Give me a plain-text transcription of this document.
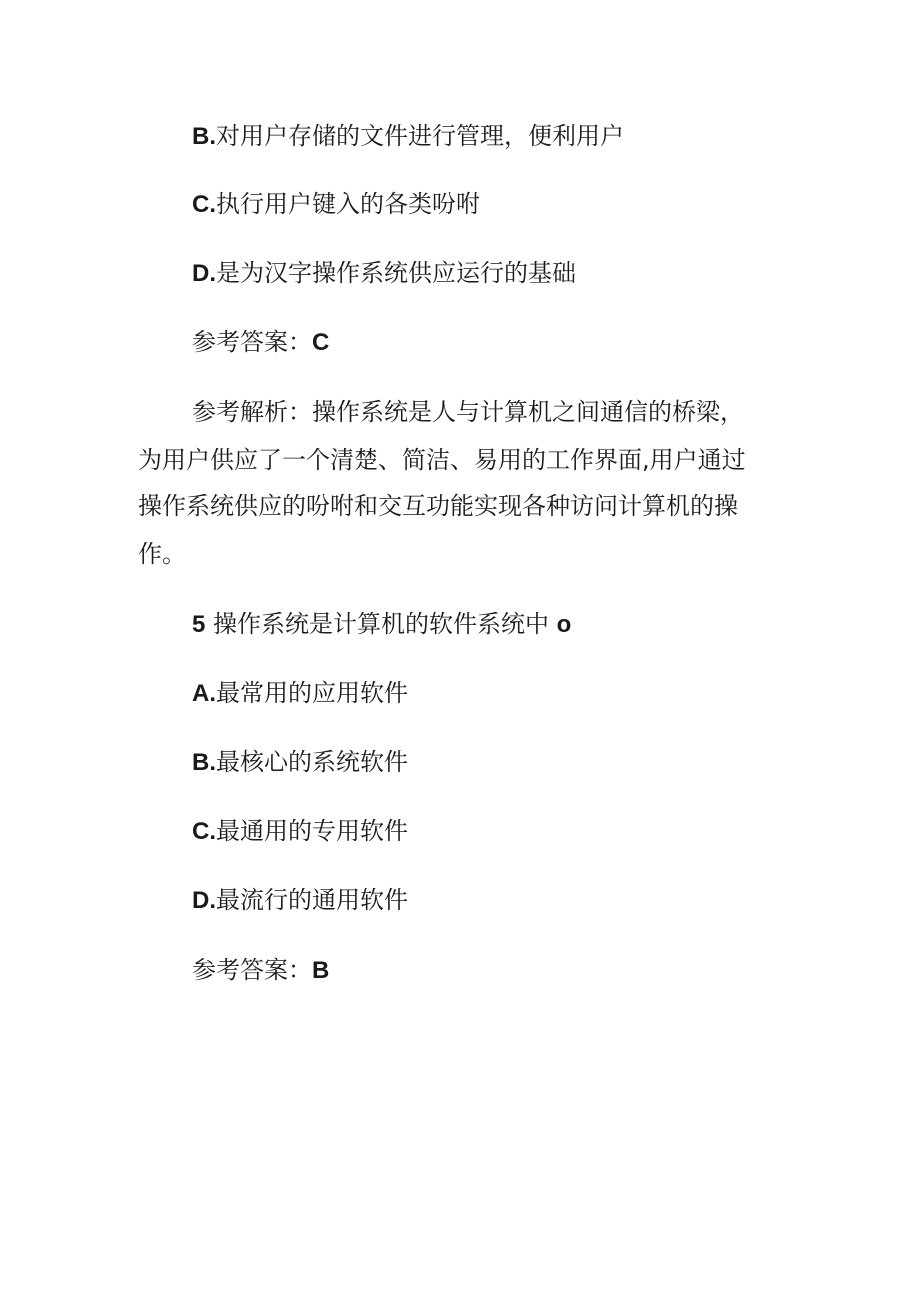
B.对用户存储的文件进行管理，便利用户
C.执行用户键入的各类吩咐
D.是为汉字操作系统供应运行的基础
参考答案：C
参考解析：操作系统是人与计算机之间通信的桥梁，
为用户供应了一个清楚、简洁、易用的工作界面,用户通过
操作系统供应的吩咐和交互功能实现各种访问计算机的操
作。
5 操作系统是计算机的软件系统中 o
A.最常用的应用软件
B.最核心的系统软件
C.最通用的专用软件
D.最流行的通用软件
参考答案：B
